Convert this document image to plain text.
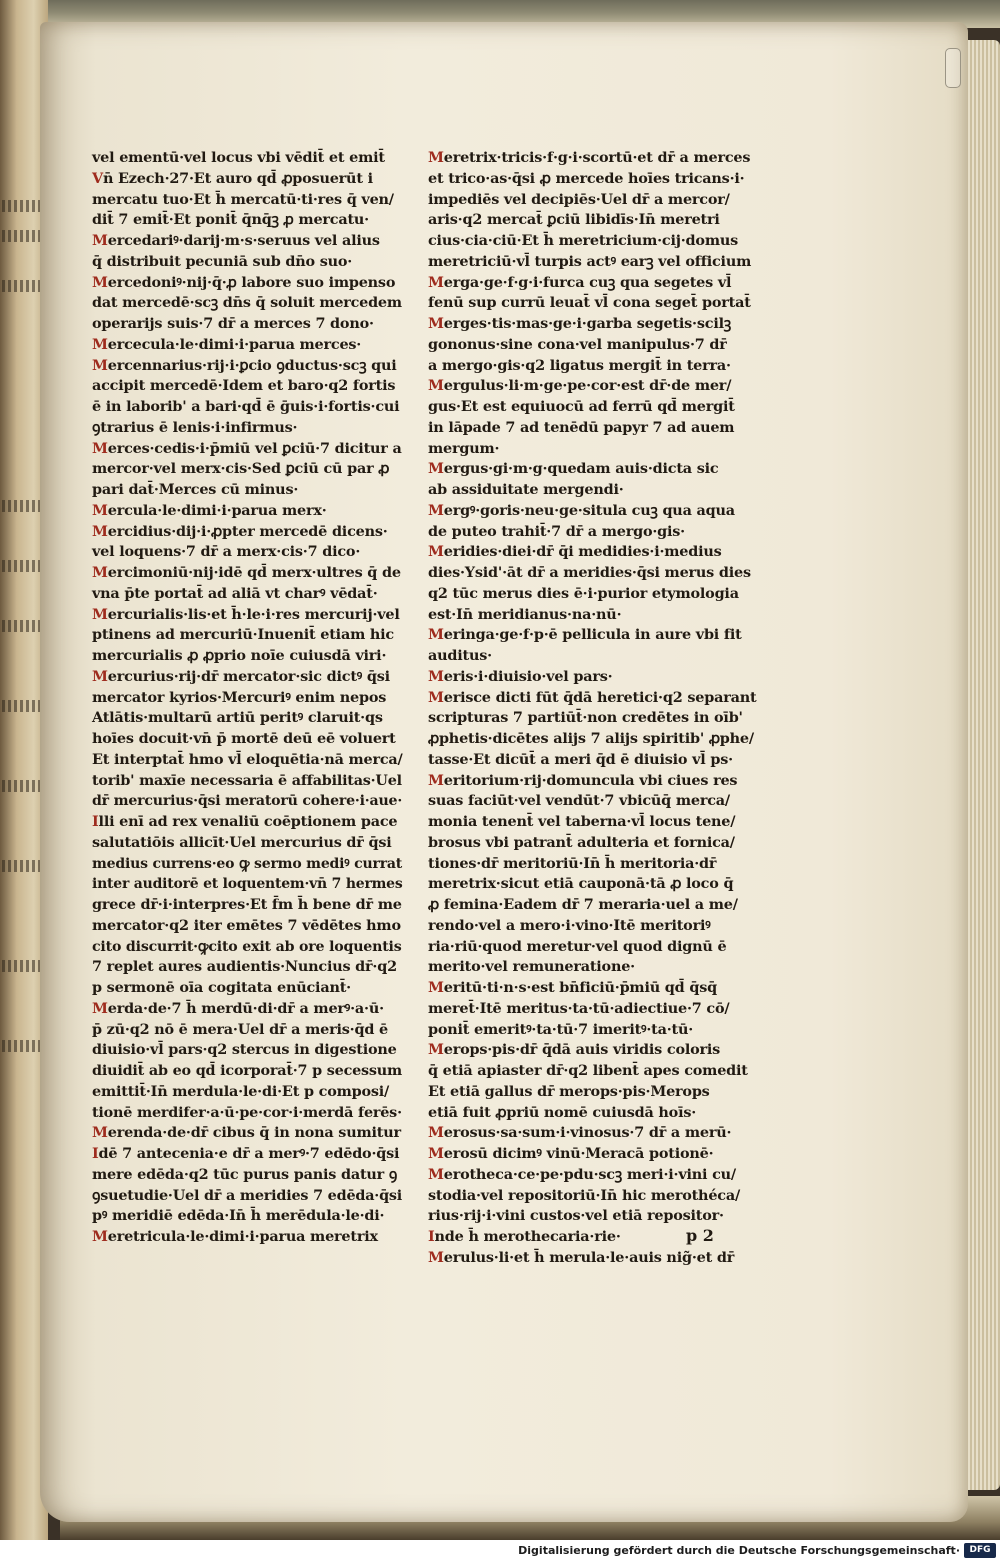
vel ementū·vel locus vbi vēdit̄ et emit̄
Vn̄ Ezech·27·Et auro qd̄ ꝓposuerūt i
mercatu tuo·Et h̄ mercatū·ti·res q̄ ven/
dit̄ 7 emit̄·Et ponit̄ q̄nq̄ꝫ ꝓ mercatu·
Mercedariꝰ·darij·m·s·seruus vel alius
q̄ distribuit pecuniā sub dn̄o suo·
Mercedoniꝰ·nij·q̄·ꝓ labore suo impenso
dat mercedē·scꝫ dn̄s q̄ soluit mercedem
operarijs suis·7 dr̄ a merces 7 dono·
Mercecula·le·dimi·i·parua merces·
Mercennarius·rij·i·ꝑcio ꝯductus·scꝫ qui
accipit mercedē·Idem et baro·q2 fortis
ē in laborib' a bari·qd̄ ē ḡuis·i·fortis·cui
ꝯtrarius ē lenis·i·infirmus·
Merces·cedis·i·p̄miū vel ꝑciū·7 dicitur a
mercor·vel merx·cis·Sed ꝑciū cū par ꝓ
pari dat̄·Merces cū minus·
Mercula·le·dimi·i·parua merx·
Mercidius·dij·i·ꝓpter mercedē dicens·
vel loquens·7 dr̄ a merx·cis·7 dico·
Mercimoniū·nij·idē qd̄ merx·ultres q̄ de
vna p̄te portat̄ ad aliā vt charꝰ vēdat̄·
Mercurialis·lis·et h̄·le·i·res mercurij·vel
ptinens ad mercuriū·Inuenit̄ etiam hic
mercurialis ꝓ ꝓprio noīe cuiusdā viri·
Mercurius·rij·dr̄ mercator·sic dictꝰ q̄si
mercator kyrios·Mercuriꝰ enim nepos
Atlātis·multarū artiū peritꝰ claruit·qs
hoīes docuit·vn̄ p̄ mortē deū eē voluert
Et interptat̄ hmo vl̄ eloquētia·nā merca/
torib' maxīe necessaria ē affabilitas·Uel
dr̄ mercurius·q̄si meratorū cohere·i·aue·
Illi enī ad rex venaliū coēptionem pace
salutatiōis allicīt·Uel mercurius dr̄ q̄si
medius currens·eo ꝙ sermo mediꝰ currat
inter auditorē et loquentem·vn̄ 7 hermes
grece dr̄·i·interpres·Et f̄m h̄ bene dr̄ me
mercator·q2 iter emētes 7 vēdētes hmo
cito discurrit·ꝙcito exit ab ore loquentis
7 replet aures audientis·Nuncius dr̄·q2
p sermonē oīa cogitata enūciant̄·
Merda·de·7 h̄ merdū·di·dr̄ a merꝰ·a·ū·
p̄ zū·q2 nō ē mera·Uel dr̄ a meris·q̄d ē
diuisio·vl̄ pars·q2 stercus in digestione
diuidit̄ ab eo qd̄ icorporat̄·7 p secessum
emittit̄·In̄ merdula·le·di·Et p composi/
tionē merdifer·a·ū·pe·cor·i·merdā ferēs·
Merenda·de·dr̄ cibus q̄ in nona sumitur
Idē 7 antecenia·e dr̄ a merꝰ·7 edēdo·q̄si
mere edēda·q2 tūc purus panis datur ꝯ
ꝯsuetudie·Uel dr̄ a meridies 7 edēda·q̄si
pꝰ meridiē edēda·In̄ h̄ merēdula·le·di·
Meretricula·le·dimi·i·parua meretrix
Meretrix·tricis·f·g·i·scortū·et dr̄ a merces
et trico·as·q̄si ꝓ mercede hoīes tricans·i·
impediēs vel decipiēs·Uel dr̄ a mercor/
aris·q2 mercat̄ ꝑciū libidīs·In̄ meretri
cius·cia·ciū·Et h̄ meretricium·cij·domus
meretriciū·vl̄ turpis actꝰ earꝫ vel officium
Merga·ge·f·g·i·furca cuꝫ qua segetes vl̄
fenū sup currū leuat̄ vl̄ cona seget̄ portat̄
Merges·tis·mas·ge·i·garba segetis·scilꝫ
gononus·sine cona·vel manipulus·7 dr̄
a mergo·gis·q2 ligatus mergit̄ in terra·
Mergulus·li·m·ge·pe·cor·est dr̄·de mer/
gus·Et est equiuocū ad ferrū qd̄ mergit̄
in lāpade 7 ad tenēdū papyr 7 ad auem
mergum·
Mergus·gi·m·g·quedam auis·dicta sic
ab assiduitate mergendi·
Mergꝰ·goris·neu·ge·situla cuꝫ qua aqua
de puteo trahit̄·7 dr̄ a mergo·gis·
Meridies·diei·dr̄ q̄i medidies·i·medius
dies·Ysid'·āt dr̄ a meridies·q̄si merus dies
q2 tūc merus dies ē·i·purior etymologia
est·In̄ meridianus·na·nū·
Meringa·ge·f·p·ē pellicula in aure vbi fit
auditus·
Meris·i·diuisio·vel pars·
Merisce dicti fūt q̄dā heretici·q2 separant
scripturas 7 partiūt̄·non credētes in oīb'
ꝓphetis·dicētes alijs 7 alijs spiritib' ꝓphe/
tasse·Et dicūt̄ a meri q̄d ē diuisio vl̄ ps·
Meritorium·rij·domuncula vbi ciues res
suas faciūt·vel vendūt·7 vbicūq̄ merca/
monia tenent̄ vel taberna·vl̄ locus tene/
brosus vbi patrant̄ adulteria et fornica/
tiones·dr̄ meritoriū·In̄ h̄ meritoria·dr̄
meretrix·sicut etiā cauponā·tā ꝓ loco q̄
ꝓ femina·Eadem dr̄ 7 meraria·uel a me/
rendo·vel a mero·i·vino·Itē meritoriꝰ
ria·riū·quod meretur·vel quod dignū ē
merito·vel remuneratione·
Meritū·ti·n·s·est bn̄ficiū·p̄miū qd̄ q̄sq̄
meret̄·Itē meritus·ta·tū·adiectiue·7 cō/
ponit̄ emeritꝰ·ta·tū·7 imeritꝰ·ta·tū·
Merops·pis·dr̄ q̄dā auis viridis coloris
q̄ etiā apiaster dr̄·q2 libent̄ apes comedit
Et etiā gallus dr̄ merops·pis·Merops
etiā fuit ꝓpriū nomē cuiusdā hoīs·
Merosus·sa·sum·i·vinosus·7 dr̄ a merū·
Merosū dicimꝰ vinū·Meracā potionē·
Merotheca·ce·pe·pdu·scꝫ meri·i·vini cu/
stodia·vel repositoriū·In̄ hic merothéca/
rius·rij·i·vini custos·vel etiā repositor·
Inde h̄ merothecaria·rie·
Merulus·li·et h̄ merula·le·auis nig̃·et dr̄
p 2
Digitalisierung gefördert durch die Deutsche Forschungsgemeinschaft·	DFG
